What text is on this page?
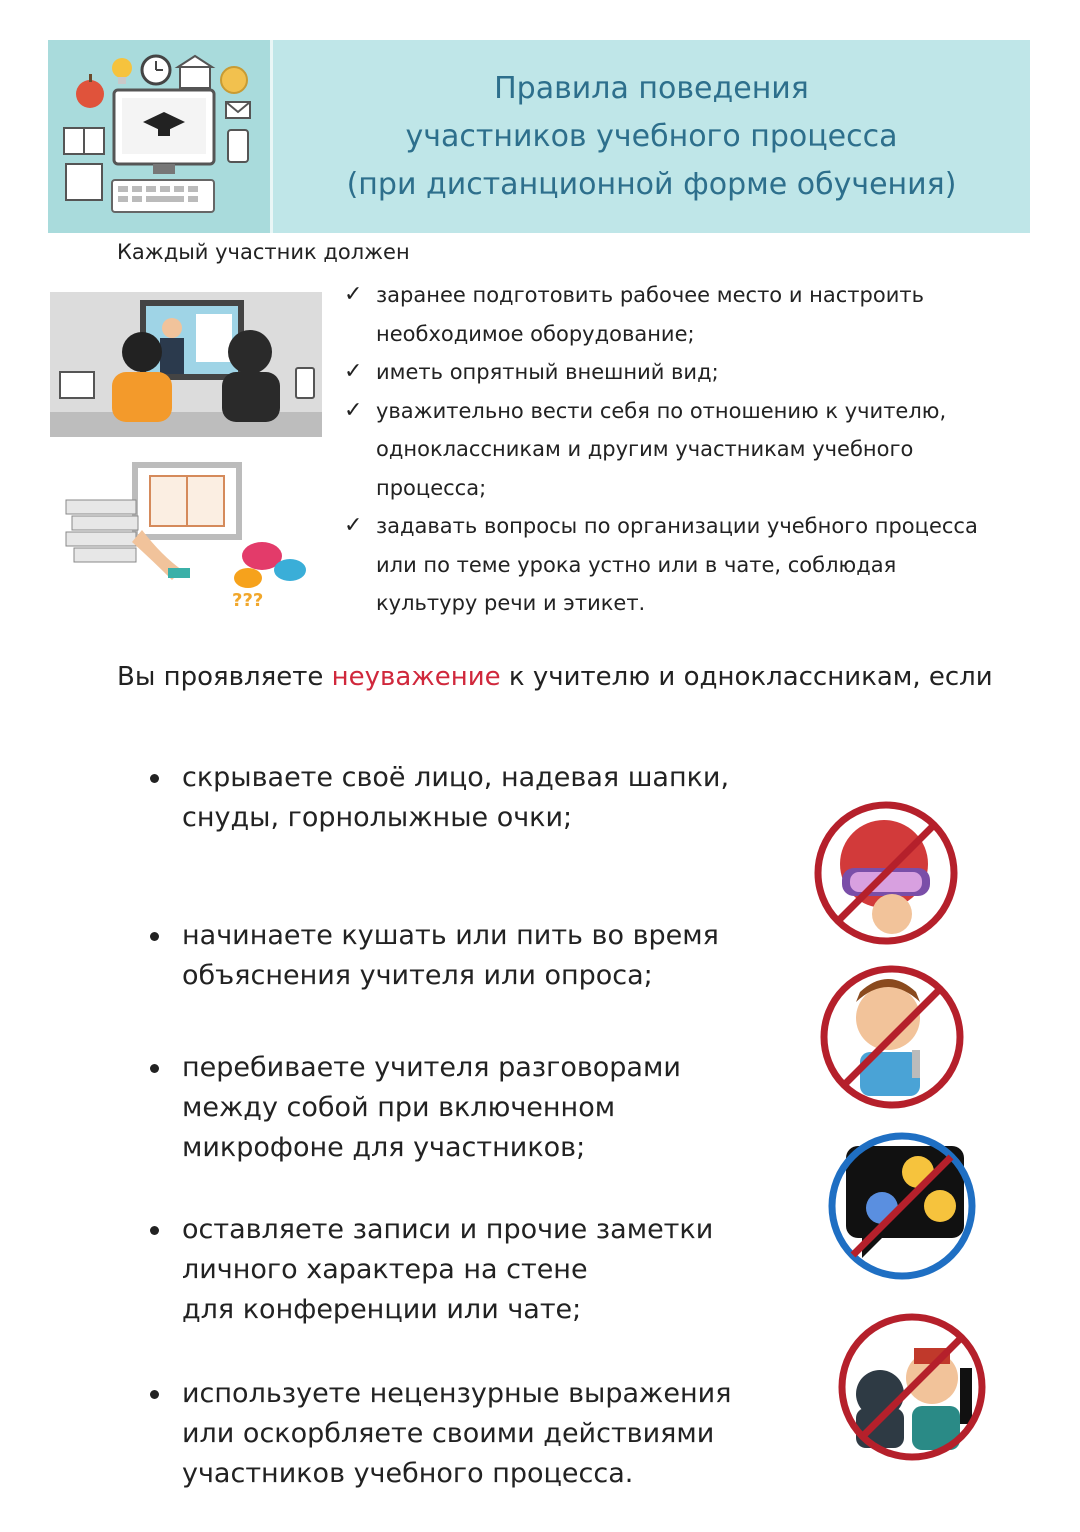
Правила поведения
участников учебного процесса
(при дистанционной форме обучения)
Каждый участник должен
???
✓ заранее подготовить рабочее место и настроить
необходимое оборудование;
✓ иметь опрятный внешний вид;
✓ уважительно вести себя по отношению к учителю,
одноклассникам и другим участникам учебного
процесса;
✓ задавать вопросы по организации учебного процесса
или по теме урока устно или в чате, соблюдая
культуру речи и этикет.
Вы проявляете неуважение к учителю и одноклассникам, если
скрываете своё лицо, надевая шапки,
снуды, горнолыжные очки;
начинаете кушать или пить во время
объяснения учителя или опроса;
перебиваете учителя разговорами
между собой при включенном
микрофоне для участников;
оставляете записи и прочие заметки
личного характера на стене
для конференции или чате;
используете нецензурные выражения
или оскорбляете своими действиями
участников учебного процесса.
